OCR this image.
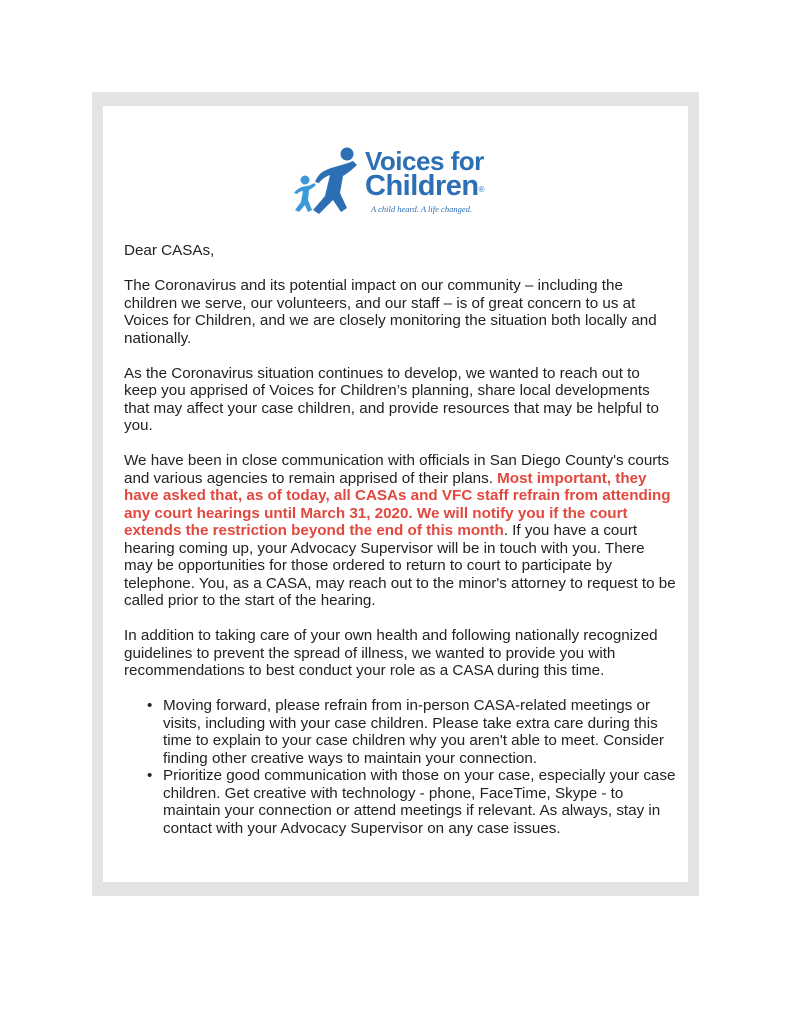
Voices for
Children®
A child heard. A life changed.

Dear CASAs,

The Coronavirus and its potential impact on our community – including the children we serve, our volunteers, and our staff – is of great concern to us at Voices for Children, and we are closely monitoring the situation both locally and nationally.

As the Coronavirus situation continues to develop, we wanted to reach out to keep you apprised of Voices for Children’s planning, share local developments that may affect your case children, and provide resources that may be helpful to you.

We have been in close communication with officials in San Diego County's courts and various agencies to remain apprised of their plans. Most important, they have asked that, as of today, all CASAs and VFC staff refrain from attending any court hearings until March 31, 2020. We will notify you if the court extends the restriction beyond the end of this month. If you have a court hearing coming up, your Advocacy Supervisor will be in touch with you. There may be opportunities for those ordered to return to court to participate by telephone. You, as a CASA, may reach out to the minor's attorney to request to be called prior to the start of the hearing.

In addition to taking care of your own health and following nationally recognized guidelines to prevent the spread of illness, we wanted to provide you with recommendations to best conduct your role as a CASA during this time.

• Moving forward, please refrain from in-person CASA-related meetings or visits, including with your case children. Please take extra care during this time to explain to your case children why you aren't able to meet. Consider finding other creative ways to maintain your connection.
• Prioritize good communication with those on your case, especially your case children. Get creative with technology - phone, FaceTime, Skype - to maintain your connection or attend meetings if relevant. As always, stay in contact with your Advocacy Supervisor on any case issues.
